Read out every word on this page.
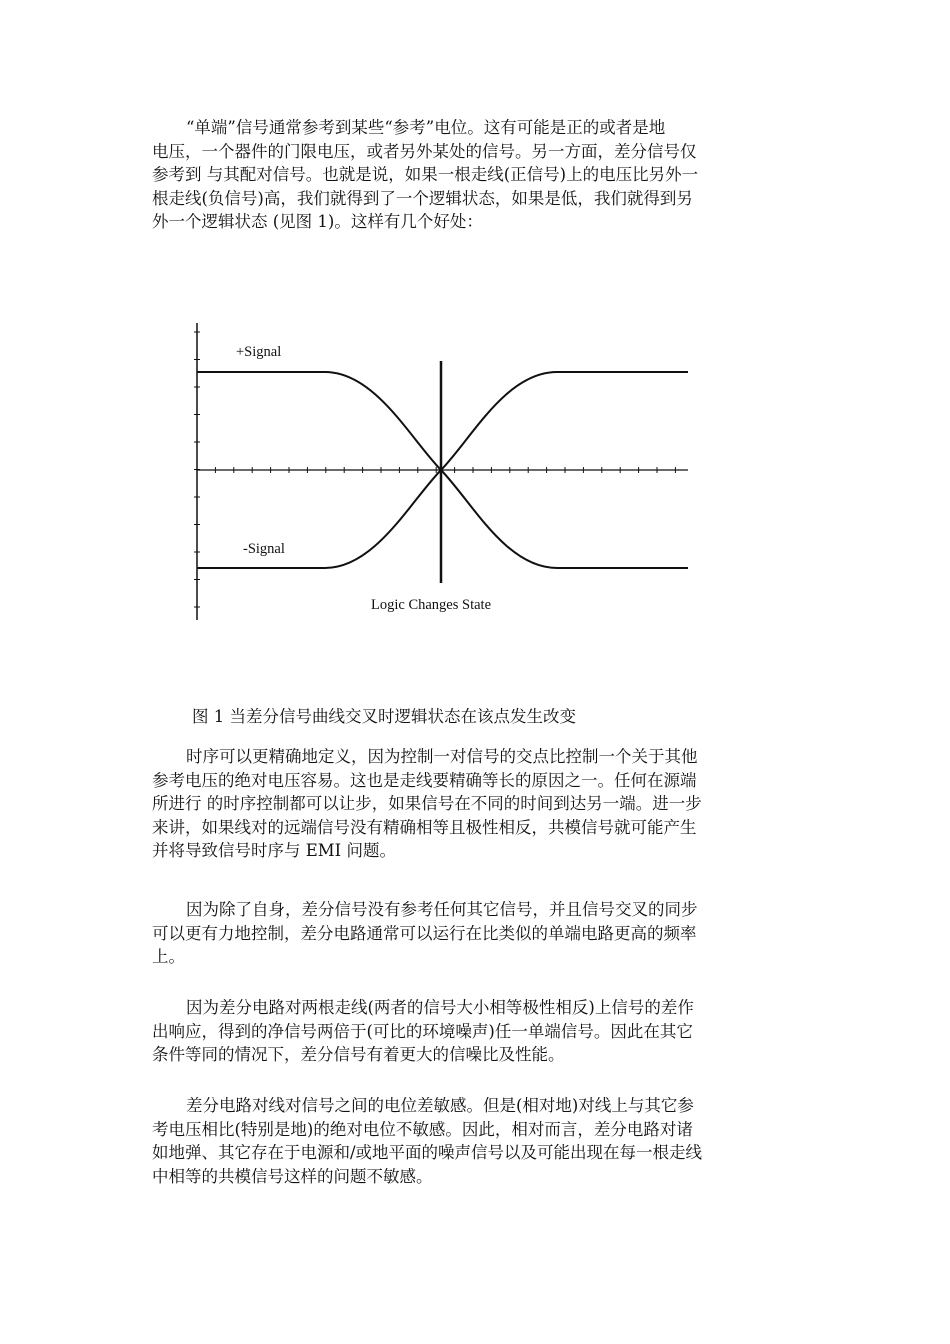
“单端”信号通常参考到某些“参考”电位。这有可能是正的或者是地
电压，一个器件的门限电压，或者另外某处的信号。另一方面，差分信号仅
参考到 与其配对信号。也就是说，如果一根走线(正信号)上的电压比另外一
根走线(负信号)高，我们就得到了一个逻辑状态，如果是低，我们就得到另
外一个逻辑状态 (见图 1)。这样有几个好处：
+Signal
-Signal
Logic Changes State
图 1 当差分信号曲线交叉时逻辑状态在该点发生改变
时序可以更精确地定义，因为控制一对信号的交点比控制一个关于其他
参考电压的绝对电压容易。这也是走线要精确等长的原因之一。任何在源端
所进行 的时序控制都可以让步，如果信号在不同的时间到达另一端。进一步
来讲，如果线对的远端信号没有精确相等且极性相反，共模信号就可能产生
并将导致信号时序与 EMI 问题。
因为除了自身，差分信号没有参考任何其它信号，并且信号交叉的同步
可以更有力地控制，差分电路通常可以运行在比类似的单端电路更高的频率
上。
因为差分电路对两根走线(两者的信号大小相等极性相反)上信号的差作
出响应，得到的净信号两倍于(可比的环境噪声)任一单端信号。因此在其它
条件等同的情况下，差分信号有着更大的信噪比及性能。
差分电路对线对信号之间的电位差敏感。但是(相对地)对线上与其它参
考电压相比(特别是地)的绝对电位不敏感。因此，相对而言，差分电路对诸
如地弹、其它存在于电源和/或地平面的噪声信号以及可能出现在每一根走线
中相等的共模信号这样的问题不敏感。
